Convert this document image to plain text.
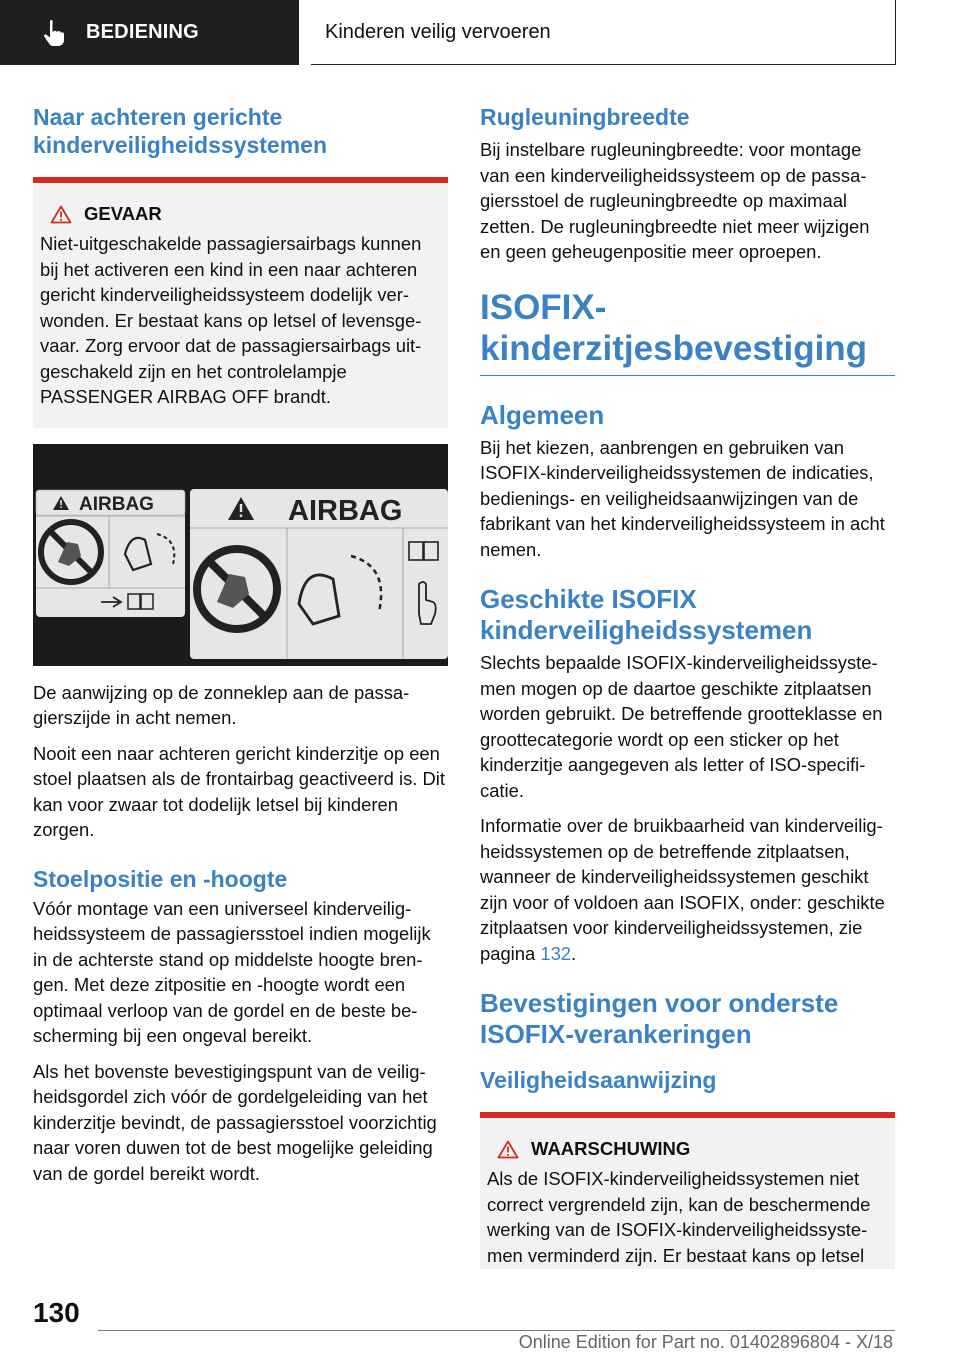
BEDIENING	Kinderen veilig vervoeren
Naar achteren gerichte kinderveiligheidssystemen
GEVAAR

Niet-uitgeschakelde passagiersairbags kunnen bij het activeren een kind in een naar achteren gericht kinderveiligheidssysteem dodelijk verwonden. Er bestaat kans op letsel of levensgevaar. Zorg ervoor dat de passagiersairbags uitgeschakeld zijn en het controlelampje PASSENGER AIRBAG OFF brandt.

AIRBAG	AIRBAG

De aanwijzing op de zonneklep aan de passagierszijde in acht nemen.

Nooit een naar achteren gericht kinderzitje op een stoel plaatsen als de frontairbag geactiveerd is. Dit kan voor zwaar tot dodelijk letsel bij kinderen zorgen.

Stoelpositie en -hoogte

Vóór montage van een universeel kinderveiligheidssysteem de passagiersstoel indien mogelijk in de achterste stand op middelste hoogte brengen. Met deze zitpositie en -hoogte wordt een optimaal verloop van de gordel en de beste bescherming bij een ongeval bereikt.

Als het bovenste bevestigingspunt van de veiligheidsgordel zich vóór de gordelgeleiding van het kinderzitje bevindt, de passagiersstoel voorzichtig naar voren duwen tot de best mogelijke geleiding van de gordel bereikt wordt.

Rugleuningbreedte

Bij instelbare rugleuningbreedte: voor montage van een kinderveiligheidssysteem op de passagiersstoel de rugleuningbreedte op maximaal zetten. De rugleuningbreedte niet meer wijzigen en geen geheugenpositie meer oproepen.

ISOFIX-kinderzitjesbevestiging
Algemeen

Bij het kiezen, aanbrengen en gebruiken van ISOFIX-kinderveiligheidssystemen de indicaties, bedienings- en veiligheidsaanwijzingen van de fabrikant van het kinderveiligheidssysteem in acht nemen.

Geschikte ISOFIX kinderveiligheidssystemen

Slechts bepaalde ISOFIX-kinderveiligheidssystemen mogen op de daartoe geschikte zitplaatsen worden gebruikt. De betreffende grootteklasse en groottecategorie wordt op een sticker op het kinderzitje aangegeven als letter of ISO-specificatie.

Informatie over de bruikbaarheid van kinderveiligheidssystemen op de betreffende zitplaatsen, wanneer de kinderveiligheidssystemen geschikt zijn voor of voldoen aan ISOFIX, onder: geschikte zitplaatsen voor kinderveiligheidssystemen, zie pagina 132.

Bevestigingen voor onderste ISOFIX-verankeringen
Veiligheidsaanwijzing
WAARSCHUWING

Als de ISOFIX-kinderveiligheidssystemen niet correct vergrendeld zijn, kan de beschermende werking van de ISOFIX-kinderveiligheidssystemen verminderd zijn. Er bestaat kans op letsel

130
Online Edition for Part no. 01402896804 - X/18
